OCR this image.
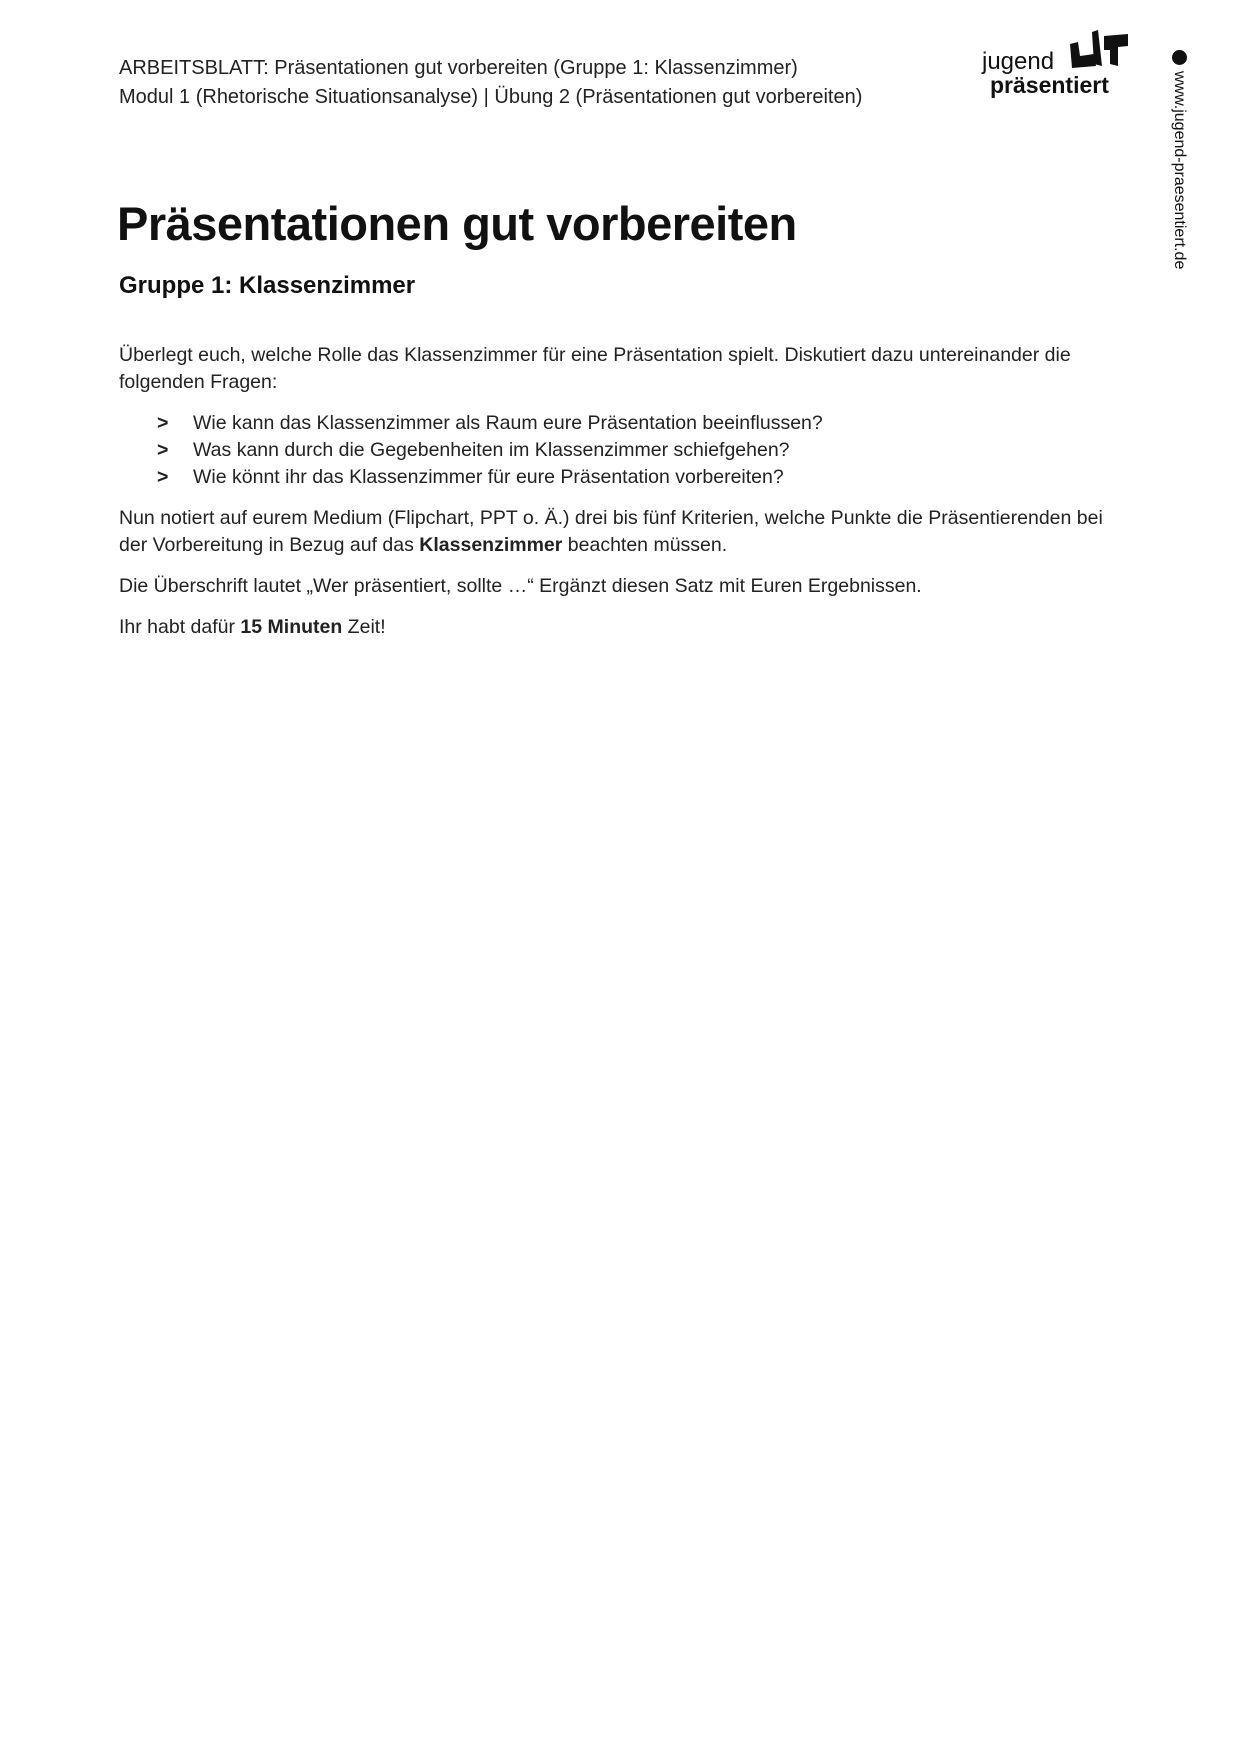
ARBEITSBLATT: Präsentationen gut vorbereiten (Gruppe 1: Klassenzimmer)
Modul 1 (Rhetorische Situationsanalyse) | Übung 2 (Präsentationen gut vorbereiten)
jugend
präsentiert	www.jugend-praesentiert.de
Präsentationen gut vorbereiten
Gruppe 1: Klassenzimmer

Überlegt euch, welche Rolle das Klassenzimmer für eine Präsentation spielt. Diskutiert dazu untereinander die folgenden Fragen:

>	Wie kann das Klassenzimmer als Raum eure Präsentation beeinflussen?
>	Was kann durch die Gegebenheiten im Klassenzimmer schiefgehen?
>	Wie könnt ihr das Klassenzimmer für eure Präsentation vorbereiten?

Nun notiert auf eurem Medium (Flipchart, PPT o. Ä.) drei bis fünf Kriterien, welche Punkte die Präsentierenden bei der Vorbereitung in Bezug auf das Klassenzimmer beachten müssen.

Die Überschrift lautet „Wer präsentiert, sollte …“ Ergänzt diesen Satz mit Euren Ergebnissen.

Ihr habt dafür 15 Minuten Zeit!
